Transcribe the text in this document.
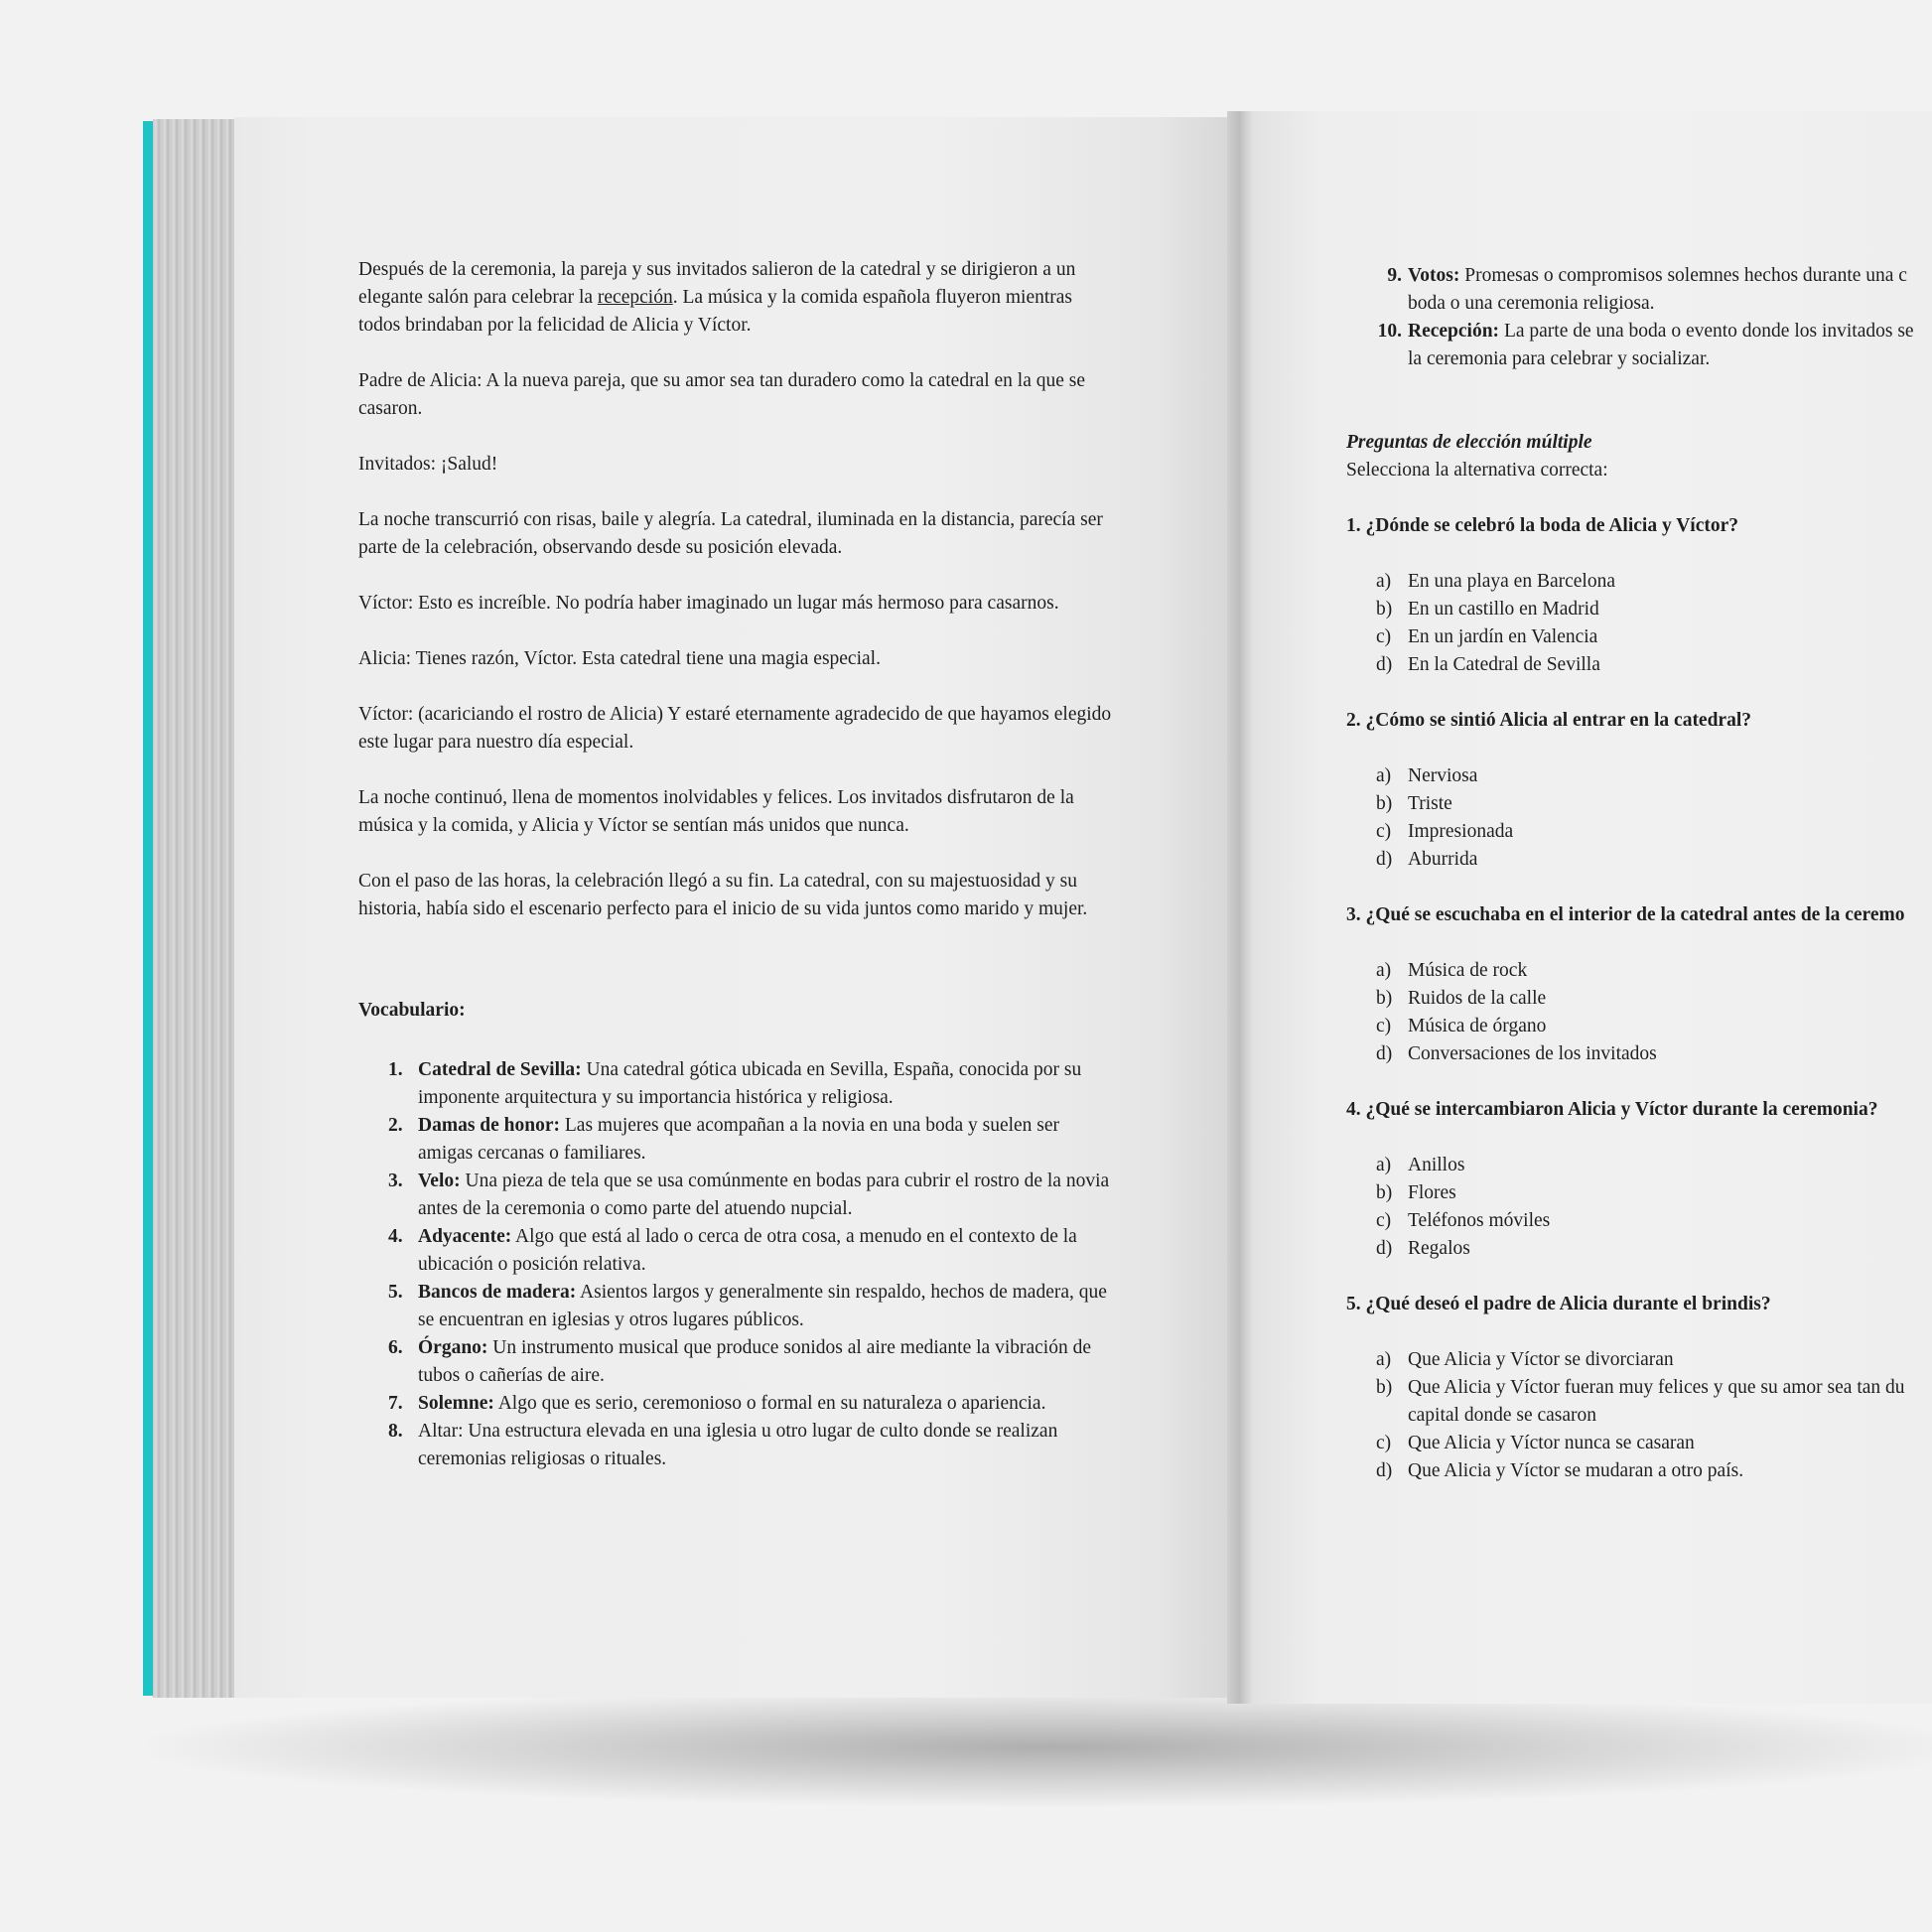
Después de la ceremonia, la pareja y sus invitados salieron de la catedral y se dirigieron a un elegante salón para celebrar la recepción. La música y la comida española fluyeron mientras todos brindaban por la felicidad de Alicia y Víctor.

Padre de Alicia: A la nueva pareja, que su amor sea tan duradero como la catedral en la que se casaron.

Invitados: ¡Salud!

La noche transcurrió con risas, baile y alegría. La catedral, iluminada en la distancia, parecía ser parte de la celebración, observando desde su posición elevada.

Víctor: Esto es increíble. No podría haber imaginado un lugar más hermoso para casarnos.

Alicia: Tienes razón, Víctor. Esta catedral tiene una magia especial.

Víctor: (acariciando el rostro de Alicia) Y estaré eternamente agradecido de que hayamos elegido este lugar para nuestro día especial.

La noche continuó, llena de momentos inolvidables y felices. Los invitados disfrutaron de la música y la comida, y Alicia y Víctor se sentían más unidos que nunca.

Con el paso de las horas, la celebración llegó a su fin. La catedral, con su majestuosidad y su historia, había sido el escenario perfecto para el inicio de su vida juntos como marido y mujer.

Vocabulario:
1. Catedral de Sevilla: Una catedral gótica ubicada en Sevilla, España, conocida por su imponente arquitectura y su importancia histórica y religiosa.
2. Damas de honor: Las mujeres que acompañan a la novia en una boda y suelen ser amigas cercanas o familiares.
3. Velo: Una pieza de tela que se usa comúnmente en bodas para cubrir el rostro de la novia antes de la ceremonia o como parte del atuendo nupcial.
4. Adyacente: Algo que está al lado o cerca de otra cosa, a menudo en el contexto de la ubicación o posición relativa.
5. Bancos de madera: Asientos largos y generalmente sin respaldo, hechos de madera, que se encuentran en iglesias y otros lugares públicos.
6. Órgano: Un instrumento musical que produce sonidos al aire mediante la vibración de tubos o cañerías de aire.
7. Solemne: Algo que es serio, ceremonioso o formal en su naturaleza o apariencia.
8. Altar: Una estructura elevada en una iglesia u otro lugar de culto donde se realizan ceremonias religiosas o rituales.
9. Votos: Promesas o compromisos solemnes hechos durante una c
boda o una ceremonia religiosa.
10. Recepción: La parte de una boda o evento donde los invitados se
la ceremonia para celebrar y socializar.
Preguntas de elección múltiple
Selecciona la alternativa correcta:
1. ¿Dónde se celebró la boda de Alicia y Víctor?
a) En una playa en Barcelona
b) En un castillo en Madrid
c) En un jardín en Valencia
d) En la Catedral de Sevilla
2. ¿Cómo se sintió Alicia al entrar en la catedral?
a) Nerviosa
b) Triste
c) Impresionada
d) Aburrida
3. ¿Qué se escuchaba en el interior de la catedral antes de la ceremo
a) Música de rock
b) Ruidos de la calle
c) Música de órgano
d) Conversaciones de los invitados
4. ¿Qué se intercambiaron Alicia y Víctor durante la ceremonia?
a) Anillos
b) Flores
c) Teléfonos móviles
d) Regalos
5. ¿Qué deseó el padre de Alicia durante el brindis?
a) Que Alicia y Víctor se divorciaran
b) Que Alicia y Víctor fueran muy felices y que su amor sea tan du
capital donde se casaron
c) Que Alicia y Víctor nunca se casaran
d) Que Alicia y Víctor se mudaran a otro país.
